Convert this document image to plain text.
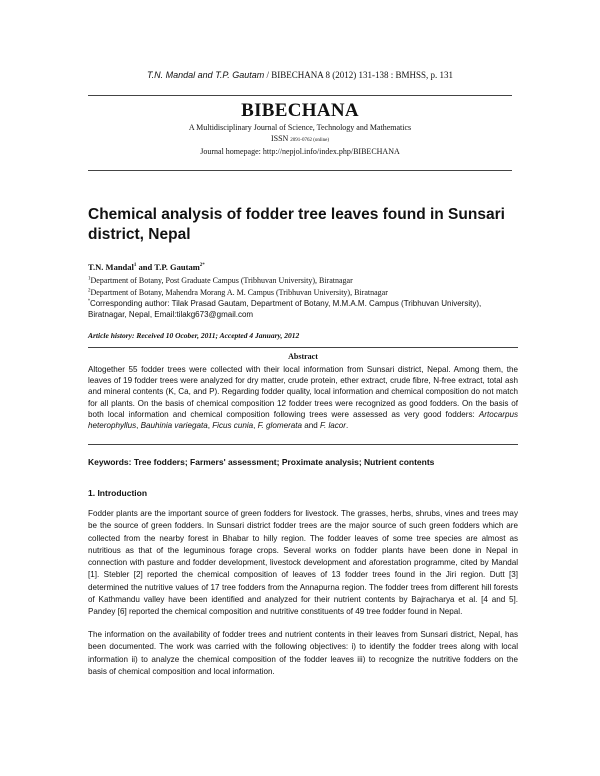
T.N. Mandal and T.P. Gautam / BIBECHANA 8 (2012) 131-138 : BMHSS, p. 131
BIBECHANA
A Multidisciplinary Journal of Science, Technology and Mathematics
ISSN 2091-0762 (online)
Journal homepage: http://nepjol.info/index.php/BIBECHANA
Chemical analysis of fodder tree leaves found in Sunsari district, Nepal
T.N. Mandal$^1$ and T.P. Gautam$^{2*}$
$^1$Department of Botany, Post Graduate Campus (Tribhuvan University), Biratnagar
$^2$Department of Botany, Mahendra Morang A. M. Campus (Tribhuvan University), Biratnagar
*Corresponding author: Tilak Prasad Gautam, Department of Botany, M.M.A.M. Campus (Tribhuvan University), Biratnagar, Nepal, Email:tilakg673@gmail.com
Article history: Received 10 Ocober, 2011; Accepted 4 January, 2012
Abstract
Altogether 55 fodder trees were collected with their local information from Sunsari district, Nepal. Among them, the leaves of 19 fodder trees were analyzed for dry matter, crude protein, ether extract, crude fibre, N-free extract, total ash and mineral contents (K, Ca, and P). Regarding fodder quality, local information and chemical composition do not match for all plants. On the basis of chemical composition 12 fodder trees were recognized as good fodders. On the basis of both local information and chemical composition following trees were assessed as very good fodders: Artocarpus heterophyllus, Bauhinia variegata, Ficus cunia, F. glomerata and F. lacor.
Keywords: Tree fodders; Farmers' assessment; Proximate analysis; Nutrient contents
1. Introduction
Fodder plants are the important source of green fodders for livestock. The grasses, herbs, shrubs, vines and trees may be the source of green fodders. In Sunsari district fodder trees are the major source of such green fodders which are collected from the nearby forest in Bhabar to hilly region. The fodder leaves of some tree species are almost as nutritious as that of the leguminous forage crops. Several works on fodder plants have been done in Nepal in connection with pasture and fodder development, livestock development and aforestation programme, cited by Mandal [1]. Stebler [2] reported the chemical composition of leaves of 13 fodder trees found in the Jiri region. Dutt [3] determined the nutritive values of 17 tree fodders from the Annapurna region. The fodder trees from different hill forests of Kathmandu valley have been identified and analyzed for their nutrient contents by Bajracharya et al. [4 and 5]. Pandey [6] reported the chemical composition and nutritive constituents of 49 tree fodder found in Nepal.
The information on the availability of fodder trees and nutrient contents in their leaves from Sunsari district, Nepal, has been documented. The work was carried with the following objectives: i) to identify the fodder trees along with local information ii) to analyze the chemical composition of the fodder leaves iii) to recognize the nutritive fodders on the basis of chemical composition and local information.
